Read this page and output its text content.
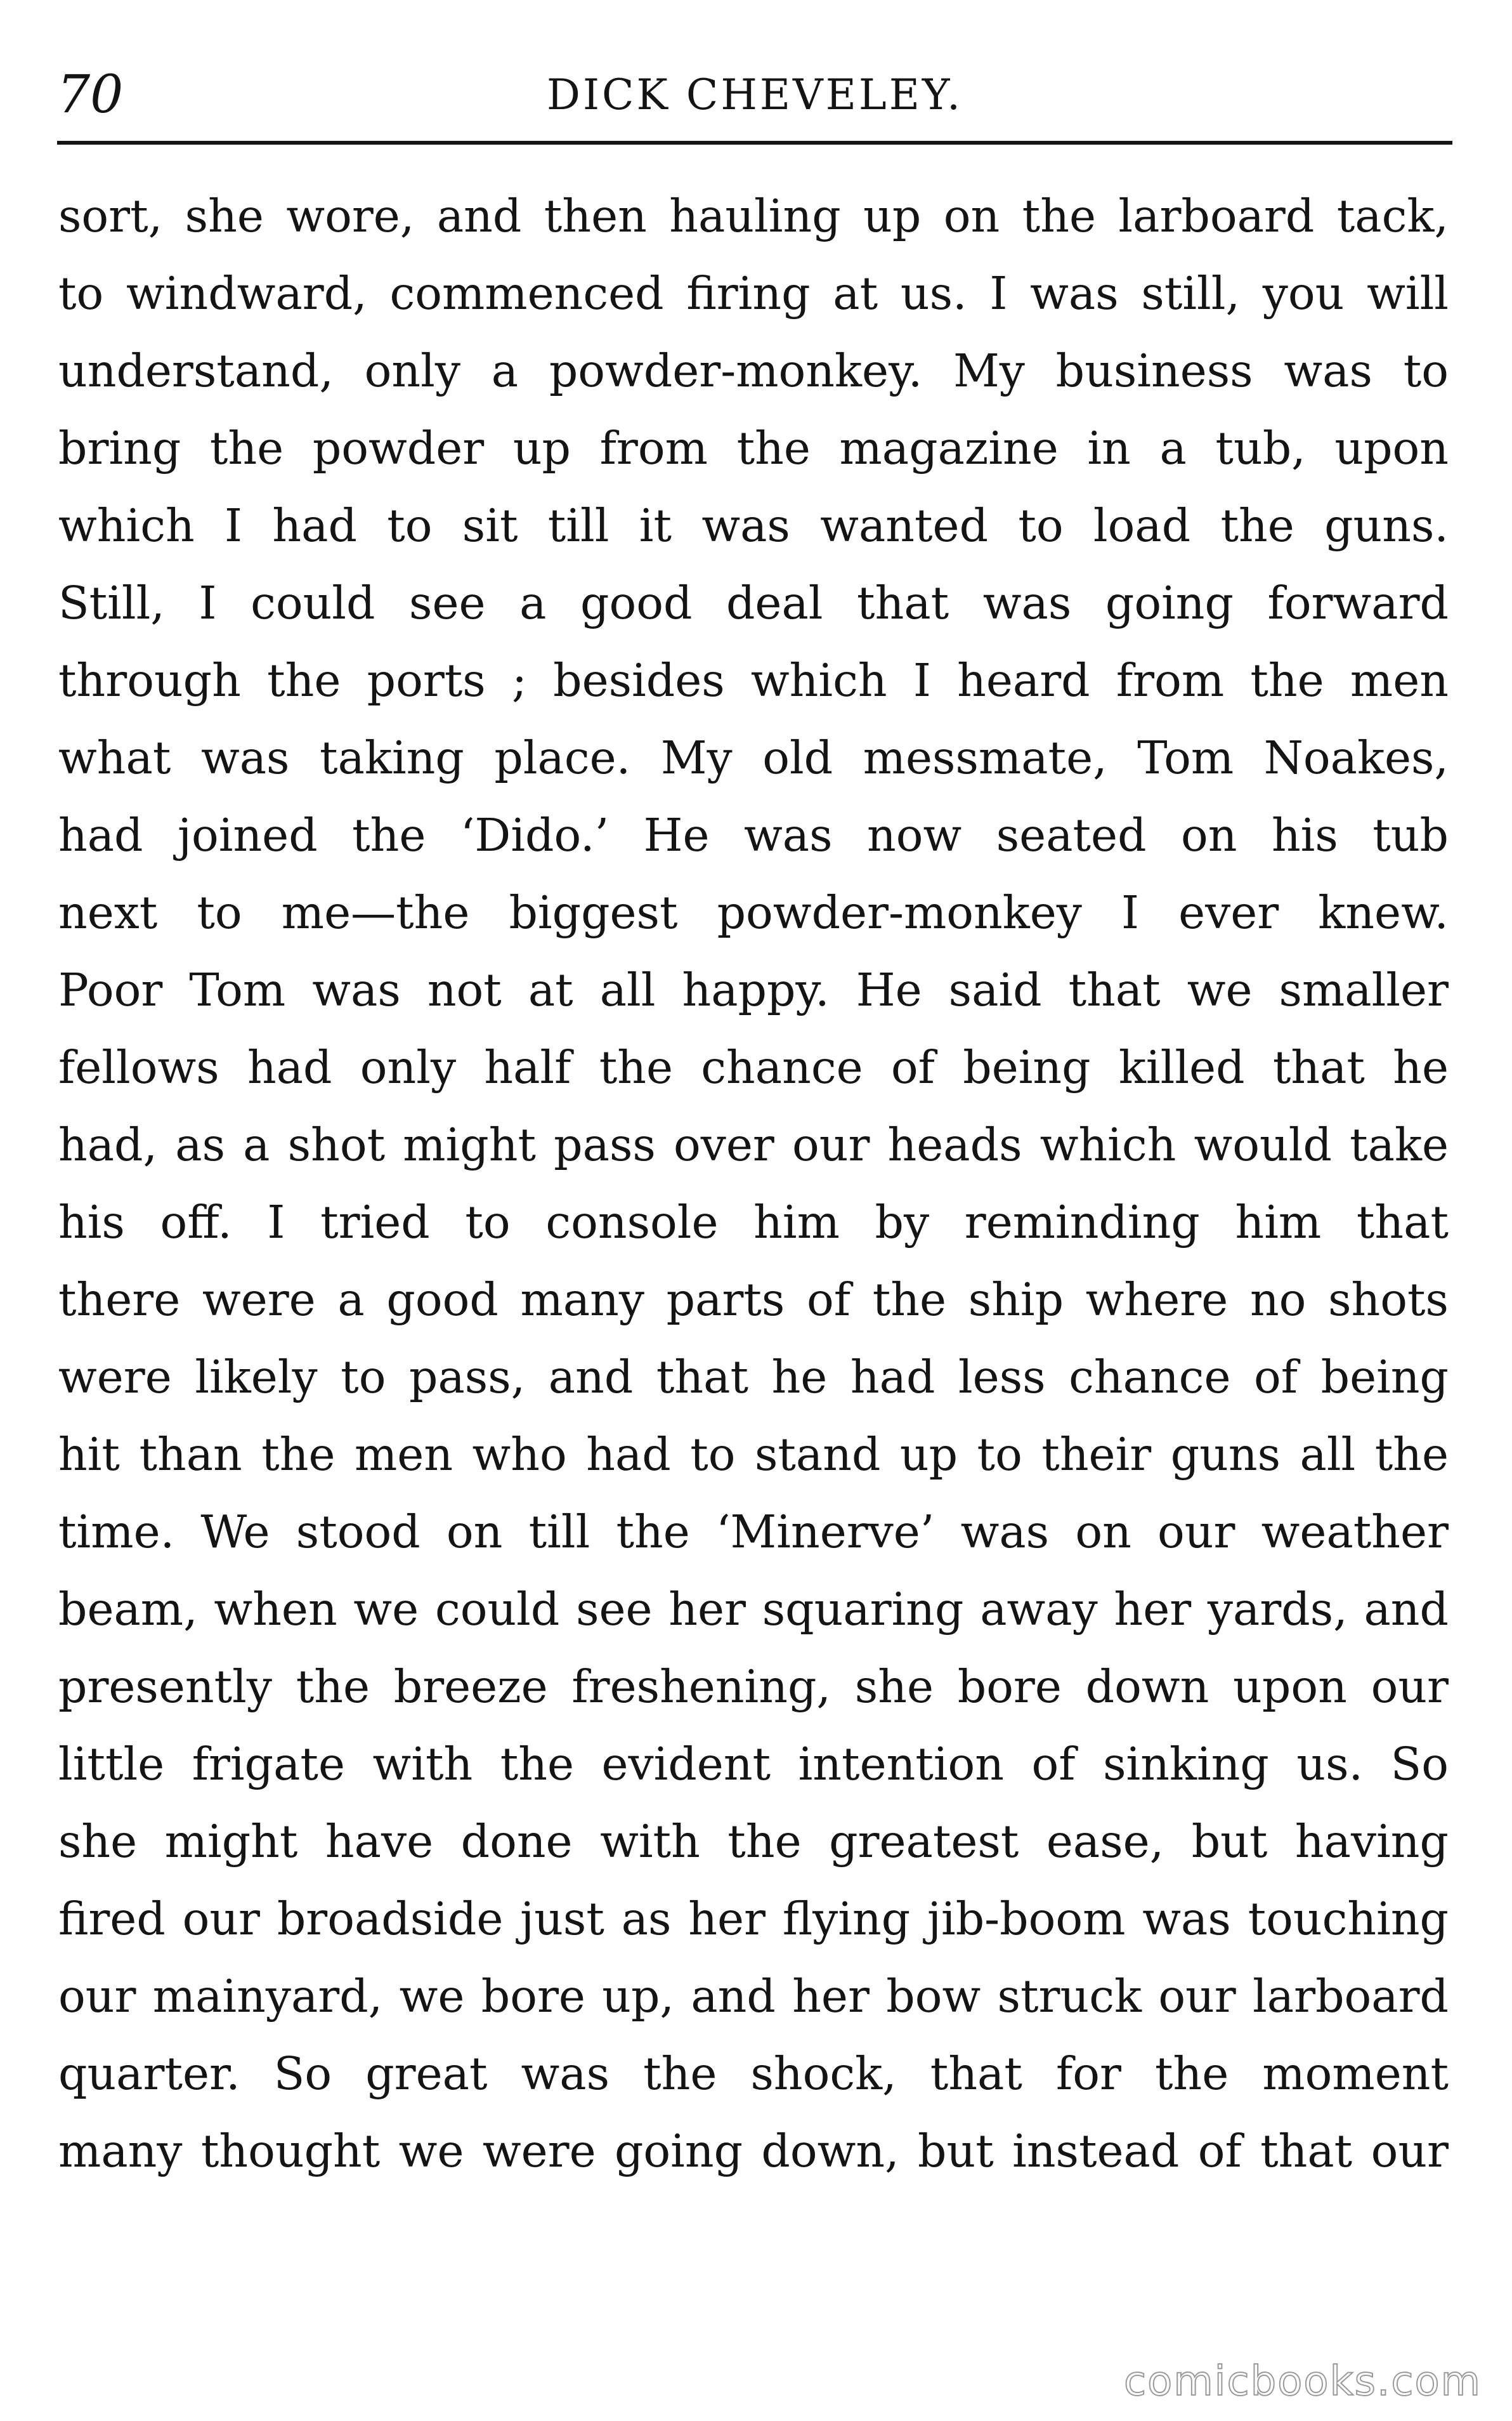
70	DICK CHEVELEY.
sort, she wore, and then hauling up on the larboard tack,
to windward, commenced firing at us. I was still, you will
understand, only a powder-monkey. My business was to
bring the powder up from the magazine in a tub, upon
which I had to sit till it was wanted to load the guns.
Still, I could see a good deal that was going forward
through the ports ; besides which I heard from the men
what was taking place. My old messmate, Tom Noakes,
had joined the ‘Dido.’ He was now seated on his tub
next to me—the biggest powder-monkey I ever knew.
Poor Tom was not at all happy. He said that we smaller
fellows had only half the chance of being killed that he
had, as a shot might pass over our heads which would take
his off. I tried to console him by reminding him that
there were a good many parts of the ship where no shots
were likely to pass, and that he had less chance of being
hit than the men who had to stand up to their guns all the
time. We stood on till the ‘Minerve’ was on our weather
beam, when we could see her squaring away her yards, and
presently the breeze freshening, she bore down upon our
little frigate with the evident intention of sinking us. So
she might have done with the greatest ease, but having
fired our broadside just as her flying jib-boom was touching
our mainyard, we bore up, and her bow struck our larboard
quarter. So great was the shock, that for the moment
many thought we were going down, but instead of that our
comicbooks.com
